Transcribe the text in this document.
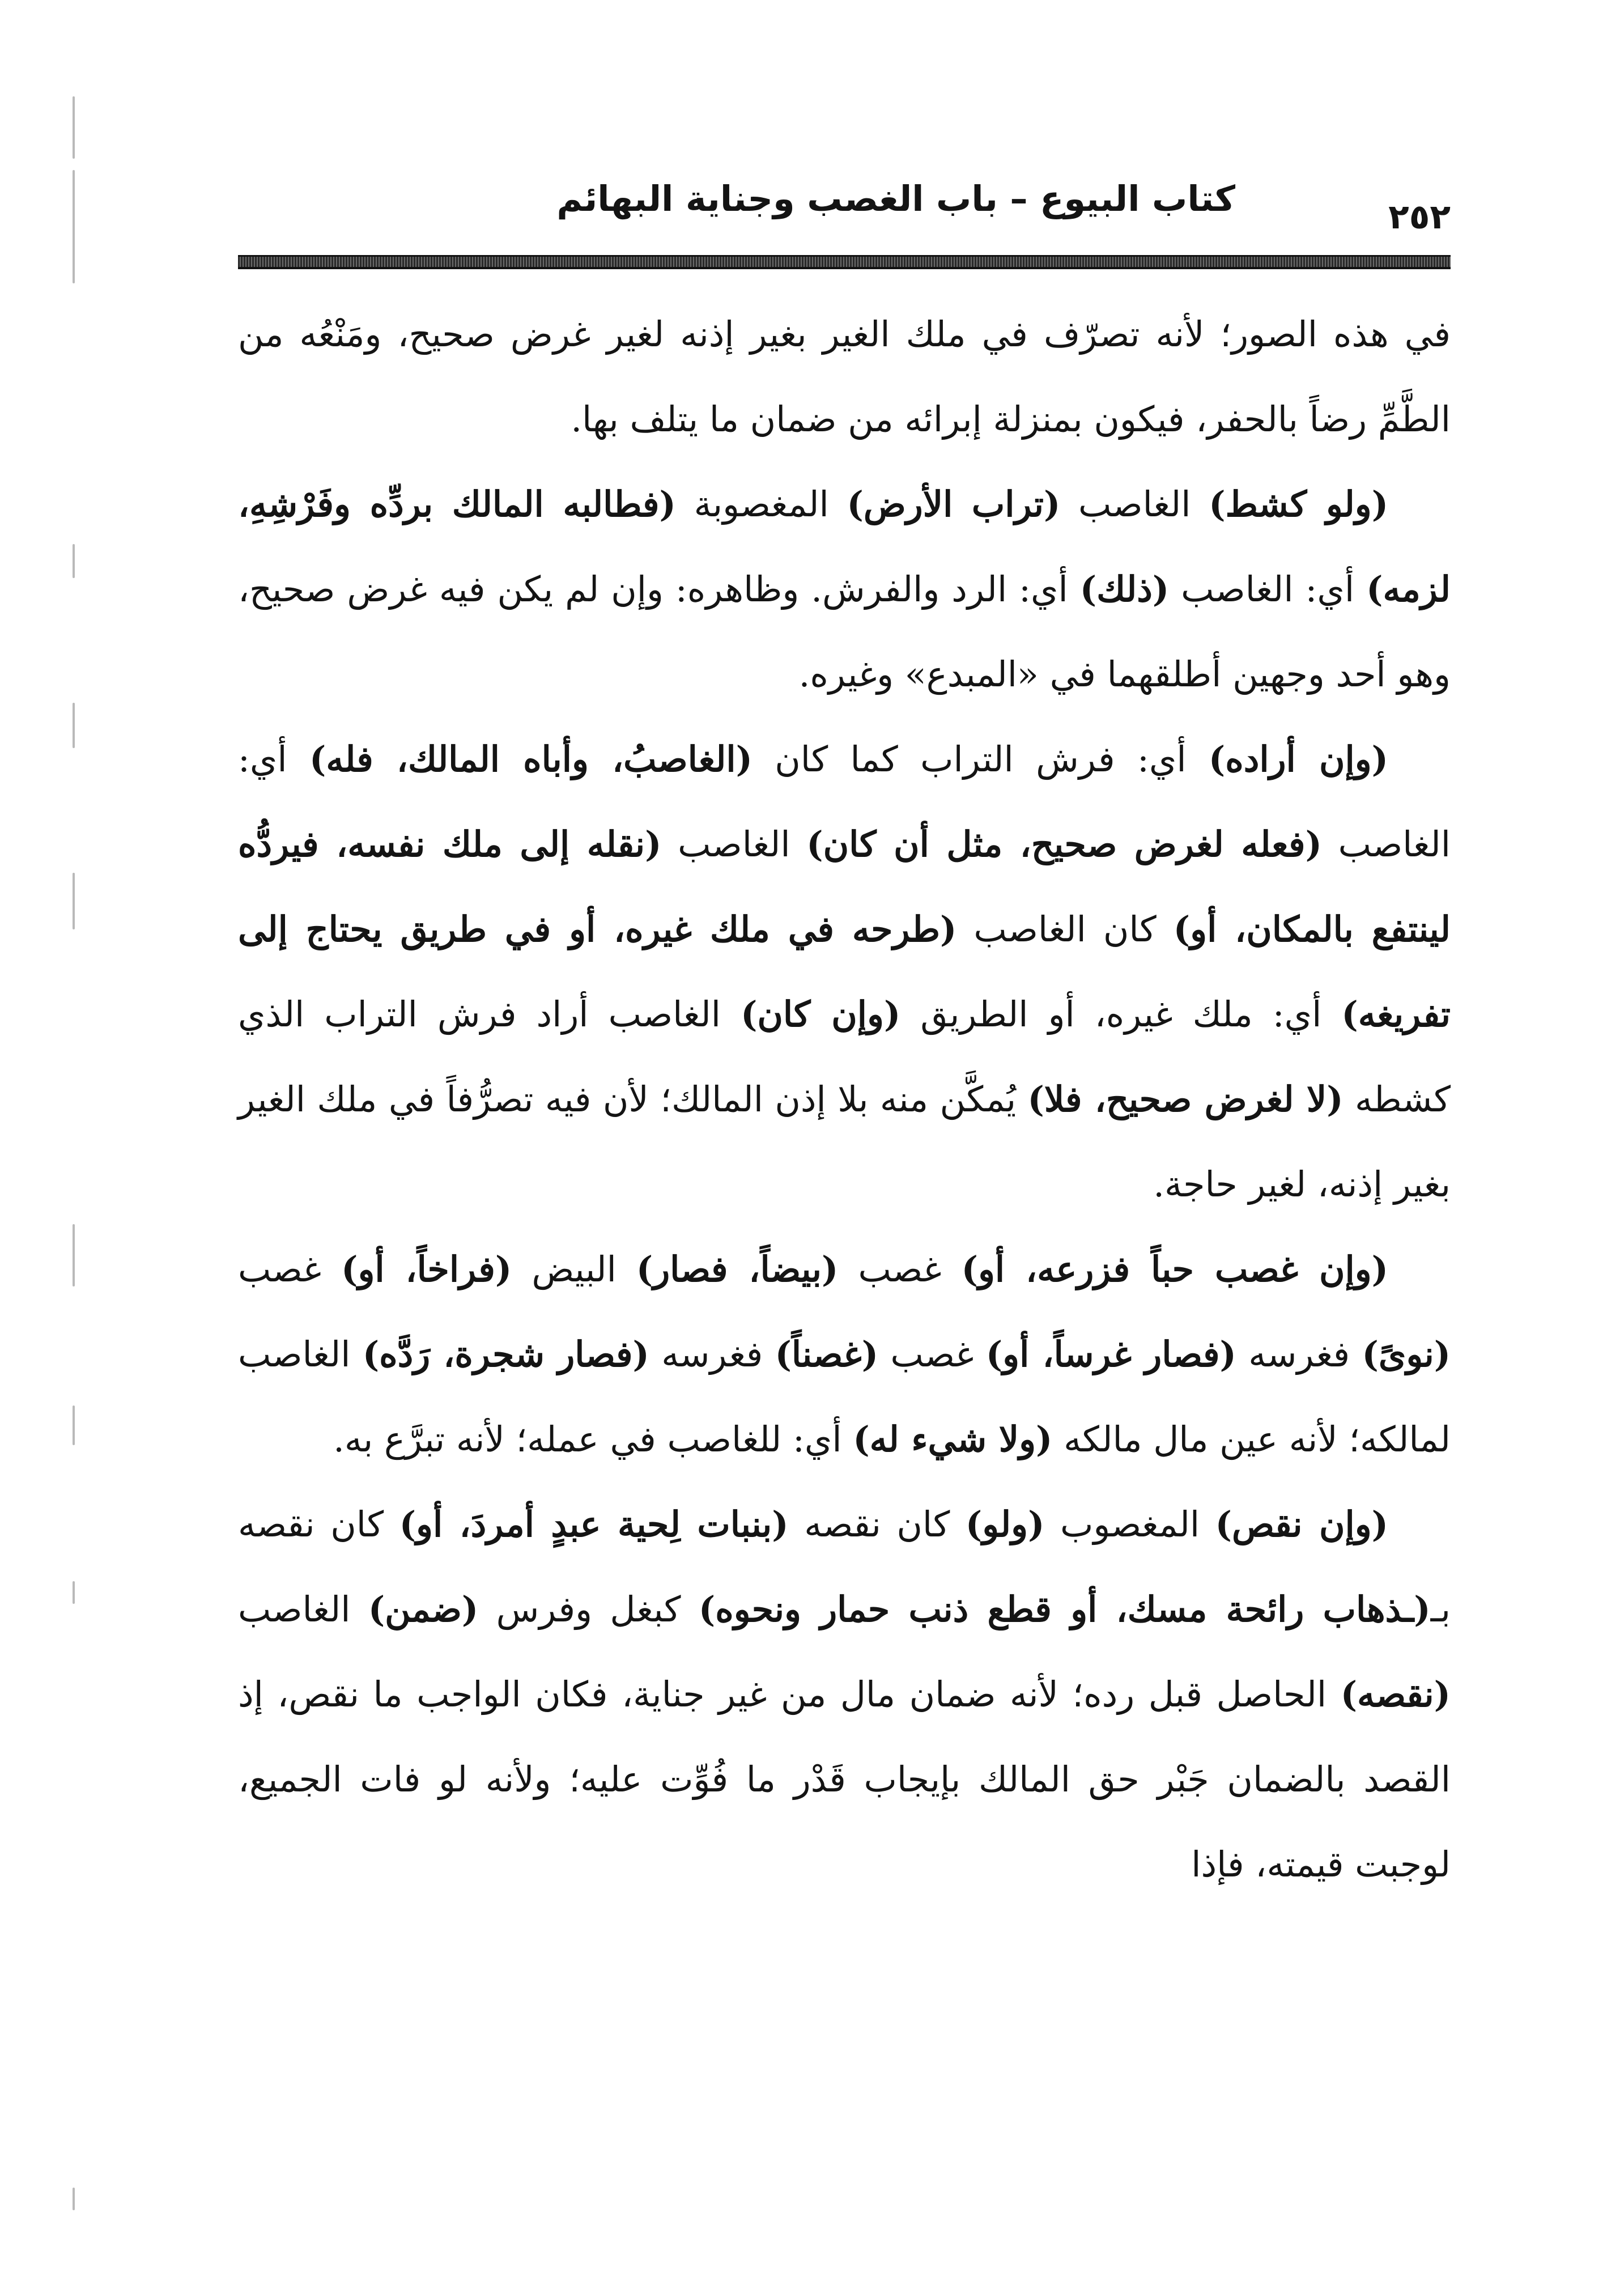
كتاب البيوع – باب الغصب وجناية البهائم	٢٥٢

في هذه الصور؛ لأنه تصرّف في ملك الغير بغير إذنه لغير غرض صحيح، ومَنْعُه من الطَّمِّ رضاً بالحفر، فيكون بمنزلة إبرائه من ضمان ما يتلف بها.

(ولو كشط) الغاصب (تراب الأرض) المغصوبة (فطالبه المالك بردِّه وفَرْشِهِ، لزمه) أي: الغاصب (ذلك) أي: الرد والفرش. وظاهره: وإن لم يكن فيه غرض صحيح، وهو أحد وجهين أطلقهما في «المبدع» وغيره.

(وإن أراده) أي: فرش التراب كما كان (الغاصبُ، وأباه المالك، فله) أي: الغاصب (فعله لغرض صحيح، مثل أن كان) الغاصب (نقله إلى ملك نفسه، فيردُّه لينتفع بالمكان، أو) كان الغاصب (طرحه في ملك غيره، أو في طريق يحتاج إلى تفريغه) أي: ملك غيره، أو الطريق (وإن كان) الغاصب أراد فرش التراب الذي كشطه (لا لغرض صحيح، فلا) يُمكَّن منه بلا إذن المالك؛ لأن فيه تصرُّفاً في ملك الغير بغير إذنه، لغير حاجة.

(وإن غصب حباً فزرعه، أو) غصب (بيضاً، فصار) البيض (فراخاً، أو) غصب (نوىً) فغرسه (فصار غرساً، أو) غصب (غصناً) فغرسه (فصار شجرة، رَدَّه) الغاصب لمالكه؛ لأنه عين مال مالكه (ولا شيء له) أي: للغاصب في عمله؛ لأنه تبرَّع به.

(وإن نقص) المغصوب (ولو) كان نقصه (بنبات لِحية عبدٍ أمردَ، أو) كان نقصه بـ(ـذهاب رائحة مسك، أو قطع ذنب حمار ونحوه) كبغل وفرس (ضمن) الغاصب (نقصه) الحاصل قبل رده؛ لأنه ضمان مال من غير جناية، فكان الواجب ما نقص، إذ القصد بالضمان جَبْر حق المالك بإيجاب قَدْر ما فُوِّت عليه؛ ولأنه لو فات الجميع، لوجبت قيمته، فإذا
